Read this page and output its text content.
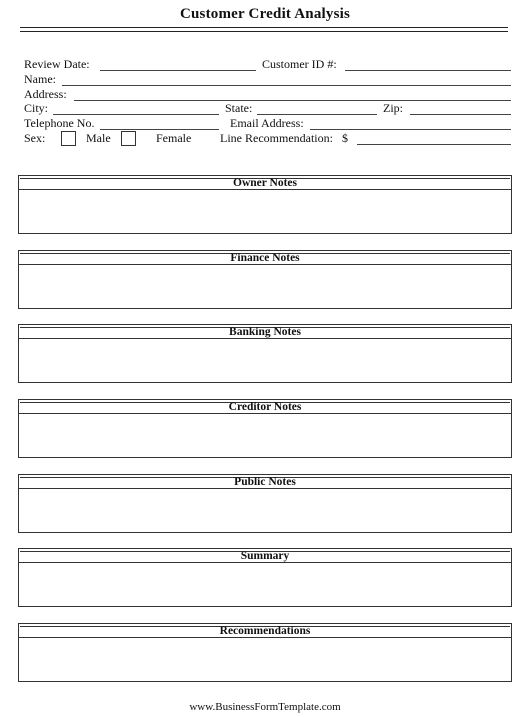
Customer Credit Analysis
Review Date:	Customer ID #:
Name:
Address:
City:	State:	Zip:
Telephone No.	Email Address:
Sex:	Male	Female Line Recommendation: $
Owner Notes
Finance Notes
Banking Notes
Creditor Notes
Public Notes
Summary
Recommendations
www.BusinessFormTemplate.com
